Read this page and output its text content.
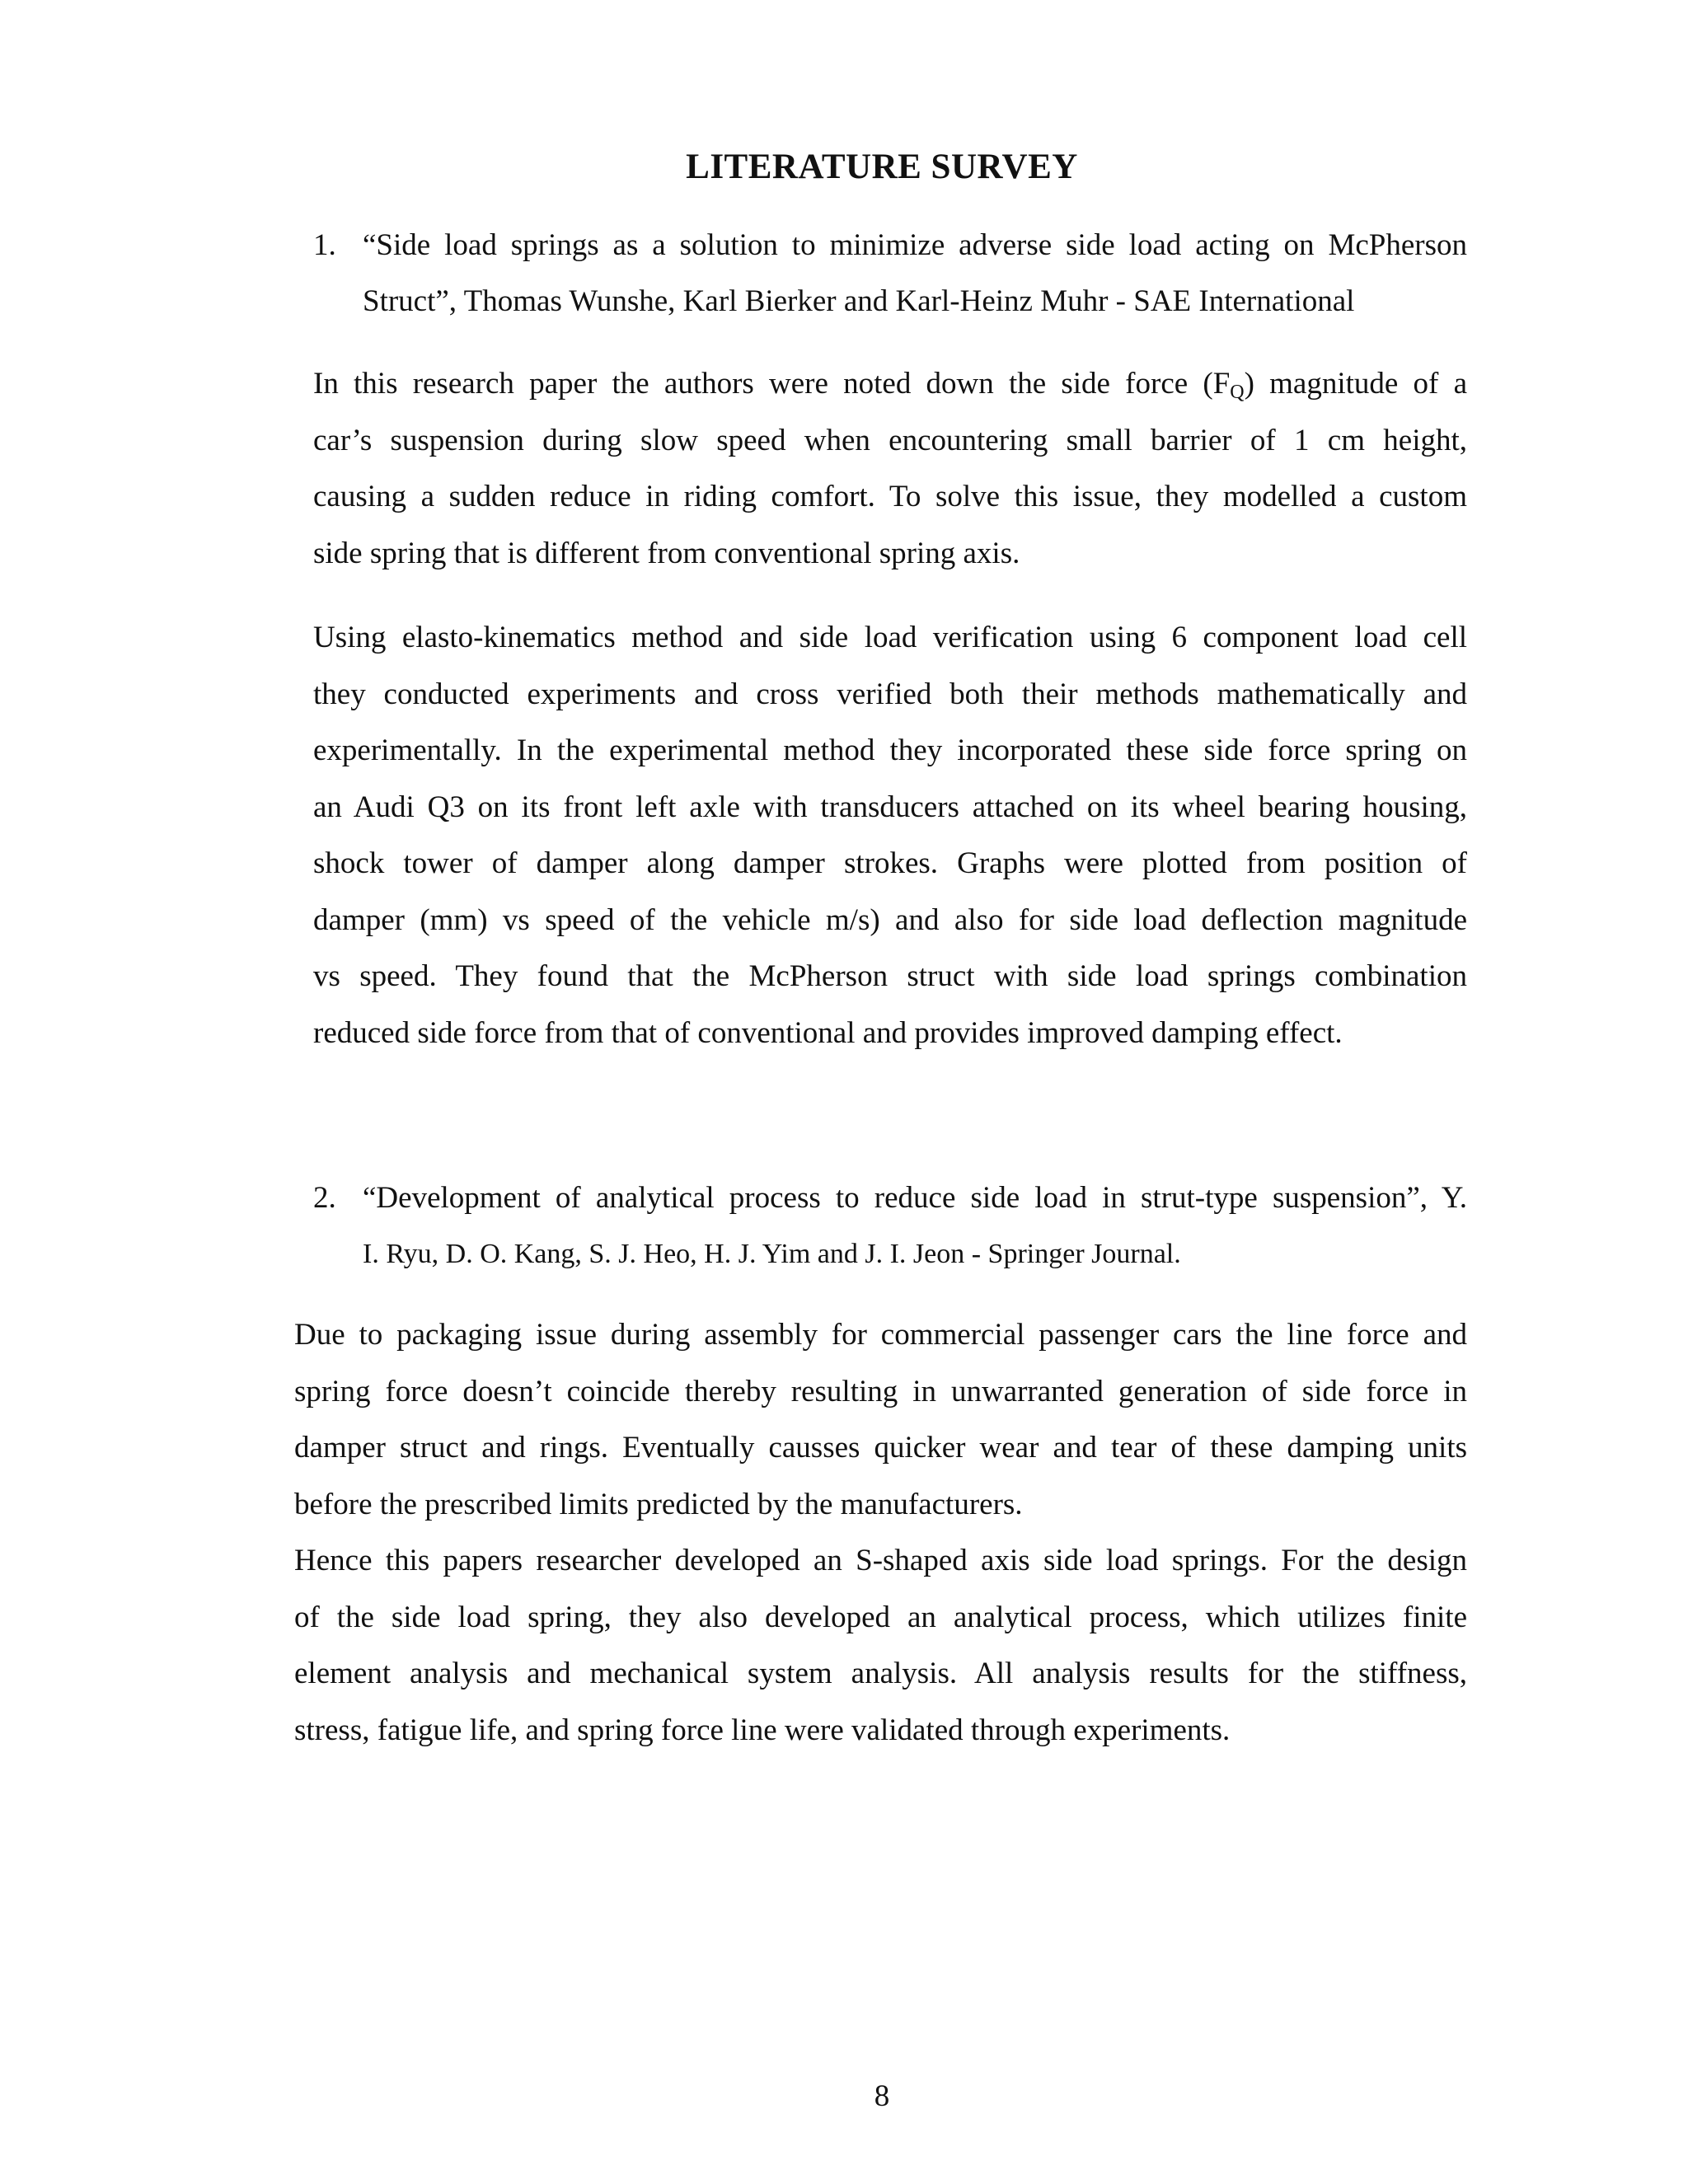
LITERATURE SURVEY
1. “Side load springs as a solution to minimize adverse side load acting on McPherson
Struct”, Thomas Wunshe, Karl Bierker and Karl-Heinz Muhr - SAE International

In this research paper the authors were noted down the side force $(F_Q)$ magnitude of a
car’s suspension during slow speed when encountering small barrier of 1 cm height,
causing a sudden reduce in riding comfort. To solve this issue, they modelled a custom
side spring that is different from conventional spring axis.

Using elasto-kinematics method and side load verification using 6 component load cell
they conducted experiments and cross verified both their methods mathematically and
experimentally. In the experimental method they incorporated these side force spring on
an Audi Q3 on its front left axle with transducers attached on its wheel bearing housing,
shock tower of damper along damper strokes. Graphs were plotted from position of
damper (mm) vs speed of the vehicle m/s) and also for side load deflection magnitude
vs speed. They found that the McPherson struct with side load springs combination
reduced side force from that of conventional and provides improved damping effect.

2. “Development of analytical process to reduce side load in strut-type suspension”, Y.
I. Ryu, D. O. Kang, S. J. Heo, H. J. Yim and J. I. Jeon - Springer Journal.

Due to packaging issue during assembly for commercial passenger cars the line force and
spring force doesn’t coincide thereby resulting in unwarranted generation of side force in
damper struct and rings. Eventually causses quicker wear and tear of these damping units
before the prescribed limits predicted by the manufacturers.

Hence this papers researcher developed an S-shaped axis side load springs. For the design
of the side load spring, they also developed an analytical process, which utilizes finite
element analysis and mechanical system analysis. All analysis results for the stiffness,
stress, fatigue life, and spring force line were validated through experiments.

8
